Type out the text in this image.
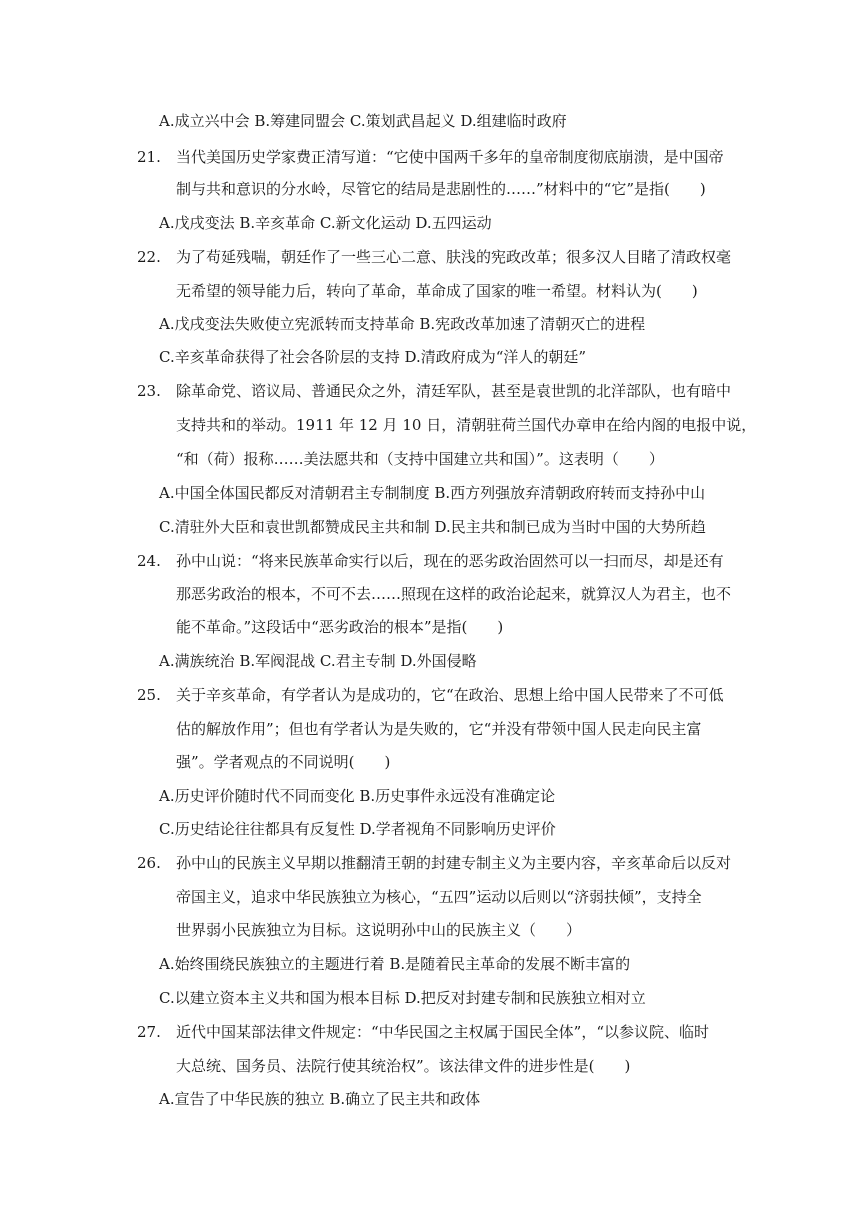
A.成立兴中会 B.筹建同盟会 C.策划武昌起义 D.组建临时政府
21. 当代美国历史学家费正清写道：“它使中国两千多年的皇帝制度彻底崩溃，是中国帝
制与共和意识的分水岭，尽管它的结局是悲剧性的……”材料中的“它”是指(　　)
A.戊戌变法 B.辛亥革命 C.新文化运动 D.五四运动
22. 为了苟延残喘，朝廷作了一些三心二意、肤浅的宪政改革；很多汉人目睹了清政权毫
无希望的领导能力后，转向了革命，革命成了国家的唯一希望。材料认为(　　)
A.戊戌变法失败使立宪派转而支持革命 B.宪政改革加速了清朝灭亡的进程
C.辛亥革命获得了社会各阶层的支持 D.清政府成为“洋人的朝廷”
23. 除革命党、谘议局、普通民众之外，清廷军队，甚至是袁世凯的北洋部队，也有暗中
支持共和的举动。1911 年 12 月 10 日，清朝驻荷兰国代办章申在给内阁的电报中说，
“和（荷）报称……美法愿共和（支持中国建立共和国）”。这表明（　　）
A.中国全体国民都反对清朝君主专制制度 B.西方列强放弃清朝政府转而支持孙中山
C.清驻外大臣和袁世凯都赞成民主共和制 D.民主共和制已成为当时中国的大势所趋
24. 孙中山说：“将来民族革命实行以后，现在的恶劣政治固然可以一扫而尽，却是还有
那恶劣政治的根本，不可不去……照现在这样的政治论起来，就算汉人为君主，也不
能不革命。”这段话中“恶劣政治的根本”是指(　　)
A.满族统治 B.军阀混战 C.君主专制 D.外国侵略
25. 关于辛亥革命，有学者认为是成功的，它“在政治、思想上给中国人民带来了不可低
估的解放作用”；但也有学者认为是失败的，它“并没有带领中国人民走向民主富
强”。学者观点的不同说明(　　)
A.历史评价随时代不同而变化 B.历史事件永远没有准确定论
C.历史结论往往都具有反复性 D.学者视角不同影响历史评价
26. 孙中山的民族主义早期以推翻清王朝的封建专制主义为主要内容，辛亥革命后以反对
帝国主义，追求中华民族独立为核心，“五四”运动以后则以“济弱扶倾”，支持全
世界弱小民族独立为目标。这说明孙中山的民族主义（　　）
A.始终围绕民族独立的主题进行着 B.是随着民主革命的发展不断丰富的
C.以建立资本主义共和国为根本目标 D.把反对封建专制和民族独立相对立
27. 近代中国某部法律文件规定：“中华民国之主权属于国民全体”，“以参议院、临时
大总统、国务员、法院行使其统治权”。该法律文件的进步性是(　　)
A.宣告了中华民族的独立 B.确立了民主共和政体
